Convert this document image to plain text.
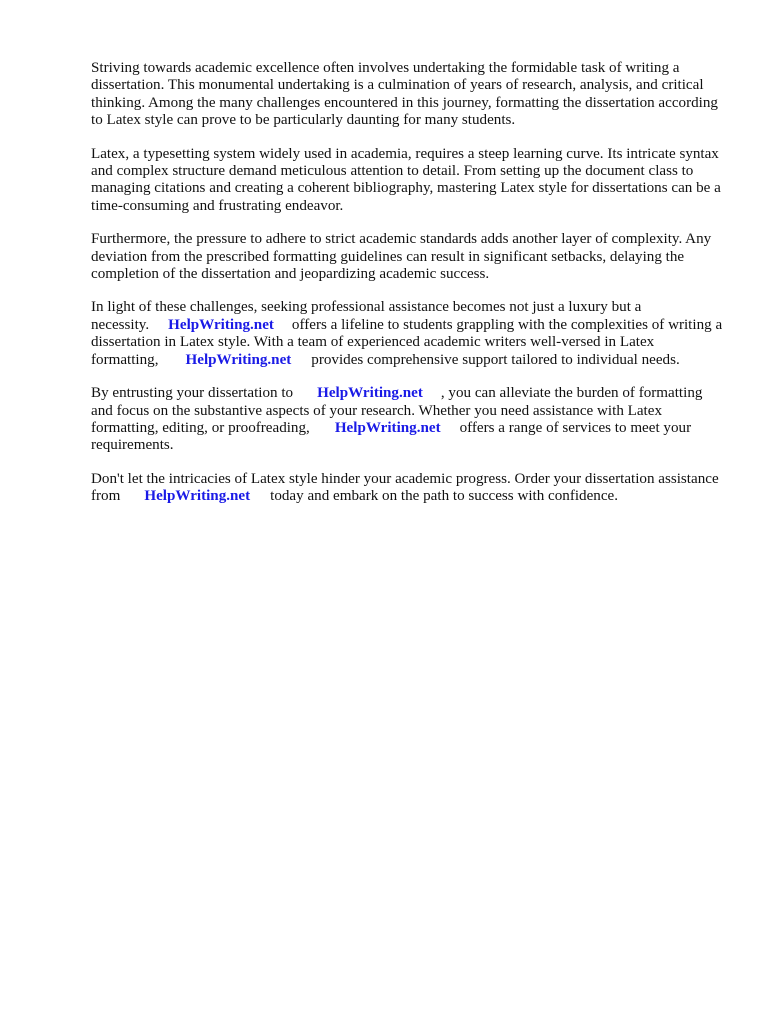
Striving towards academic excellence often involves undertaking the formidable task of writing a dissertation. This monumental undertaking is a culmination of years of research, analysis, and critical thinking. Among the many challenges encountered in this journey, formatting the dissertation according to Latex style can prove to be particularly daunting for many students.

Latex, a typesetting system widely used in academia, requires a steep learning curve. Its intricate syntax and complex structure demand meticulous attention to detail. From setting up the document class to managing citations and creating a coherent bibliography, mastering Latex style for dissertations can be a time-consuming and frustrating endeavor.

Furthermore, the pressure to adhere to strict academic standards adds another layer of complexity. Any deviation from the prescribed formatting guidelines can result in significant setbacks, delaying the completion of the dissertation and jeopardizing academic success.

In light of these challenges, seeking professional assistance becomes not just a luxury but a necessity. HelpWriting.net offers a lifeline to students grappling with the complexities of writing a dissertation in Latex style. With a team of experienced academic writers well-versed in Latex formatting, HelpWriting.net provides comprehensive support tailored to individual needs.

By entrusting your dissertation to HelpWriting.net , you can alleviate the burden of formatting and focus on the substantive aspects of your research. Whether you need assistance with Latex formatting, editing, or proofreading, HelpWriting.net offers a range of services to meet your requirements.

Don't let the intricacies of Latex style hinder your academic progress. Order your dissertation assistance from HelpWriting.net today and embark on the path to success with confidence.
